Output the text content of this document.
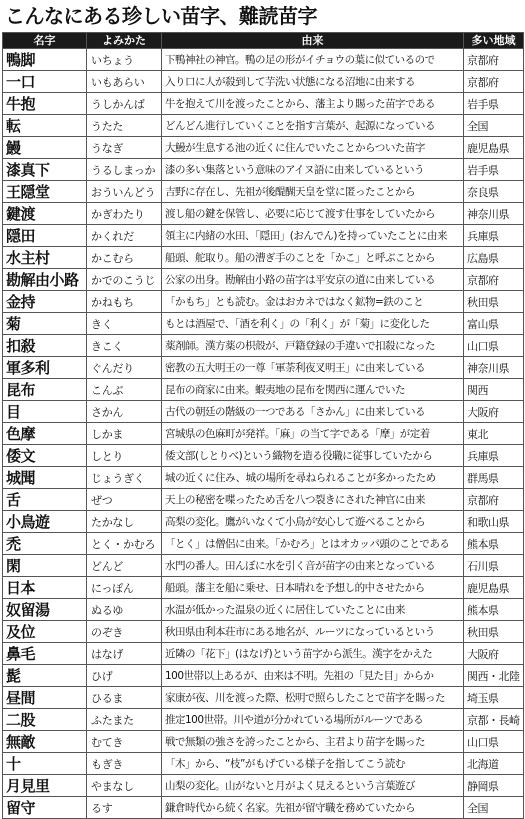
こんなにある珍しい苗字、難読苗字
名字	よみかた	由来	多い地域
鴨脚	いちょう	下鴨神社の神官。鴨の足の形がイチョウの葉に似ているので	京都府
一口	いもあらい	入り口に人が殺到して芋洗い状態になる沼地に由来する	京都府
牛抱	うしかんば	牛を抱えて川を渡ったことから、藩主より賜った苗字である	岩手県
転	うたた	どんどん進行していくことを指す言葉が、起源になっている	全国
鰻	うなぎ	大鰻が生息する池の近くに住んでいたことからついた苗字	鹿児島県
漆真下	うるしまっか	漆の多い集落という意味のアイヌ語に由来しているという	岩手県
王隠堂	おういんどう	吉野に存在し、先祖が後醍醐天皇を堂に匿ったことから	奈良県
鍵渡	かぎわたり	渡し船の鍵を保管し、必要に応じて渡す仕事をしていたから	神奈川県
隠田	かくれだ	領主に内緒の水田、「隠田」(おんでん)を持っていたことに由来	兵庫県
水主村	かこむら	船頭、舵取り。船の漕ぎ手のことを「かこ」と呼ぶことから	広島県
勘解由小路	かでのこうじ	公家の出身。勘解由小路の苗字は平安京の道に由来している	京都府
金持	かねもち	「かもち」とも読む。金はおカネではなく鉱物=鉄のこと	秋田県
菊	きく	もとは酒屋で、「酒を利く」の「利く」が「菊」に変化した	富山県
扣殺	きこく	薬剤師。漢方薬の枳殻が、戸籍登録の手違いで扣殺になった	山口県
軍多利	ぐんだり	密教の五大明王の一尊「軍荼利夜叉明王」に由来している	神奈川県
昆布	こんぶ	昆布の商家に由来。蝦夷地の昆布を関西に運んでいた	関西
目	さかん	古代の朝廷の階級の一つである「さかん」に由来している	大阪府
色摩	しかま	宮城県の色麻町が発祥。「麻」の当て字である「摩」が定着	東北
倭文	しとり	倭文部(しとりべ)という織物を造る役職に従事していたから	兵庫県
城聞	じょうぎく	城の近くに住み、城の場所を尋ねられることが多かったため	群馬県
舌	ぜつ	天上の秘密を喋ったため舌を八つ裂きにされた神官に由来	京都府
小鳥遊	たかなし	高梨の変化。鷹がいなくて小鳥が安心して遊べることから	和歌山県
禿	とく・かむろ	「とく」は僧侶に由来。「かむろ」とはオカッパ頭のことである	熊本県
閑	どんど	水門の番人。田んぼに水を引く音が苗字の由来となっている	石川県
日本	にっぽん	船頭。藩主を船に乗せ、日本晴れを予想し的中させたから	鹿児島県
奴留湯	ぬるゆ	水温が低かった温泉の近くに居住していたことに由来	熊本県
及位	のぞき	秋田県由利本荘市にある地名が、ルーツになっているという	秋田県
鼻毛	はなげ	近隣の「花下」(はなげ)という苗字から派生。漢字をかえた	大阪府
髭	ひげ	100世帯以上あるが、由来は不明。先祖の「見た目」からか	関西・北陸
昼間	ひるま	家康が夜、川を渡った際、松明で照らしたことで苗字を賜った	埼玉県
二股	ふたまた	推定100世帯。川や道が分かれている場所がルーツである	京都・長崎
無敵	むてき	戦で無類の強さを誇ったことから、主君より苗字を賜った	山口県
十	もぎき	「木」から、“枝”がもげている様子を指してこう読む	北海道
月見里	やまなし	山梨の変化。山がないと月がよく見えるという言葉遊び	静岡県
留守	るす	鎌倉時代から続く名家。先祖が留守職を務めていたから	全国
